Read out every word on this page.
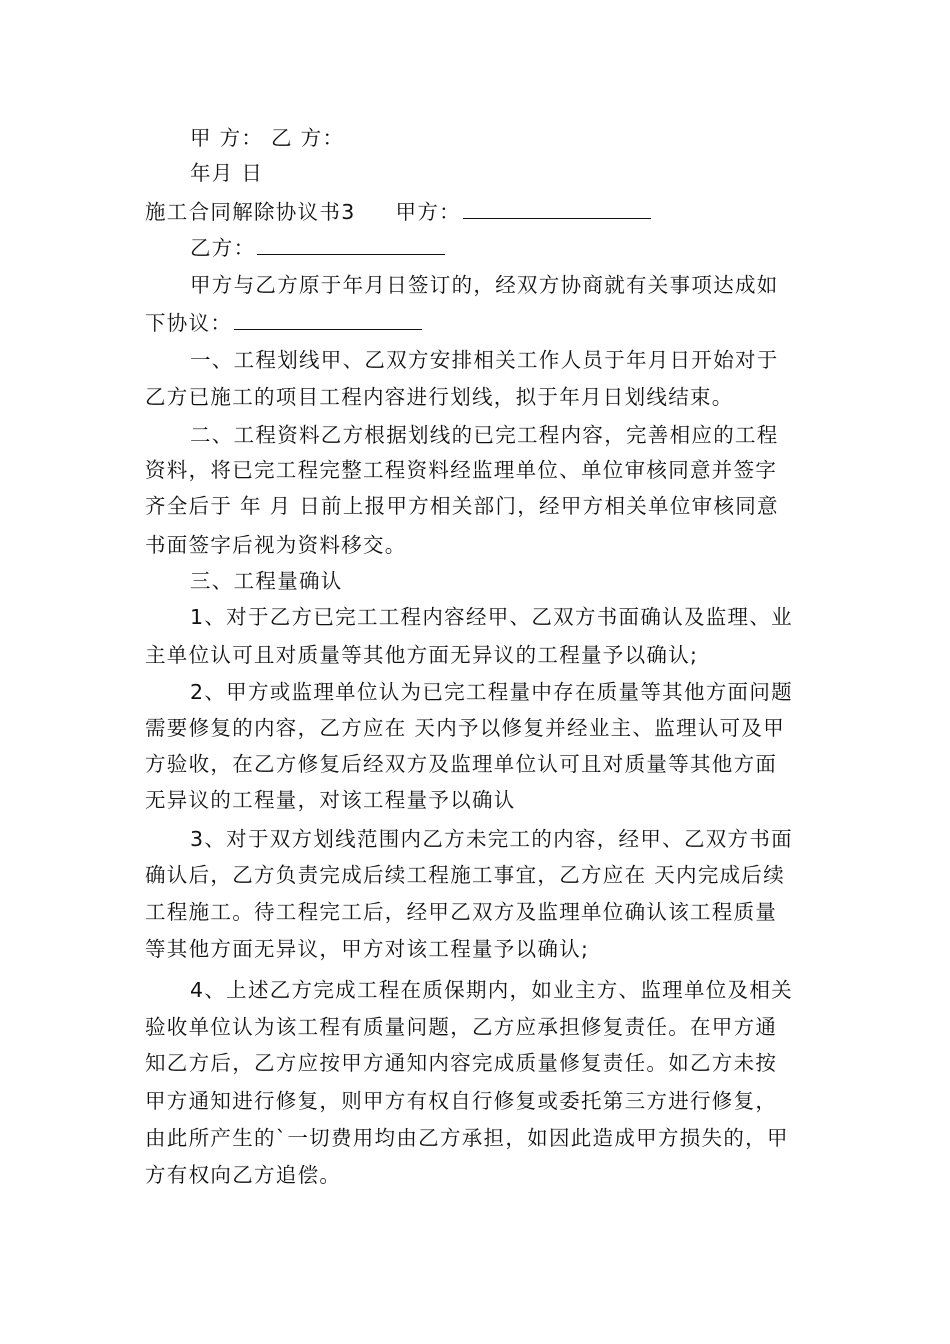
甲 方： 乙 方：
年月 日
施工合同解除协议书3 甲方：
乙方：
甲方与乙方原于年月日签订的，经双方协商就有关事项达成如
下协议：
一、工程划线甲、乙双方安排相关工作人员于年月日开始对于
乙方已施工的项目工程内容进行划线，拟于年月日划线结束。
二、工程资料乙方根据划线的已完工程内容，完善相应的工程
资料，将已完工程完整工程资料经监理单位、单位审核同意并签字
齐全后于 年 月 日前上报甲方相关部门，经甲方相关单位审核同意
书面签字后视为资料移交。
三、工程量确认
1、对于乙方已完工工程内容经甲、乙双方书面确认及监理、业
主单位认可且对质量等其他方面无异议的工程量予以确认;
2、甲方或监理单位认为已完工程量中存在质量等其他方面问题
需要修复的内容，乙方应在 天内予以修复并经业主、监理认可及甲
方验收，在乙方修复后经双方及监理单位认可且对质量等其他方面
无异议的工程量，对该工程量予以确认
3、对于双方划线范围内乙方未完工的内容，经甲、乙双方书面
确认后，乙方负责完成后续工程施工事宜，乙方应在 天内完成后续
工程施工。待工程完工后，经甲乙双方及监理单位确认该工程质量
等其他方面无异议，甲方对该工程量予以确认;
4、上述乙方完成工程在质保期内，如业主方、监理单位及相关
验收单位认为该工程有质量问题，乙方应承担修复责任。在甲方通
知乙方后，乙方应按甲方通知内容完成质量修复责任。如乙方未按
甲方通知进行修复，则甲方有权自行修复或委托第三方进行修复，
由此所产生的`一切费用均由乙方承担，如因此造成甲方损失的，甲
方有权向乙方追偿。
